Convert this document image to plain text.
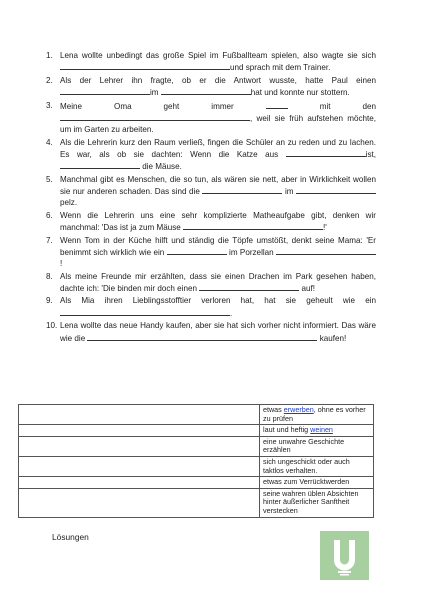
1. Lena wollte unbedingt das große Spiel im Fußballteam spielen, also wagte sie sich und sprach mit dem Trainer.
2. Als der Lehrer ihn fragte, ob er die Antwort wusste, hatte Paul einen im	hat und konnte nur stottern.
3. Meine Oma geht immer	mit den , weil sie früh aufstehen möchte, um im Garten zu arbeiten.
4. Als die Lehrerin kurz den Raum verließ, fingen die Schüler an zu reden und zu lachen. Es war, als ob sie dachten: Wenn die Katze aus	ist,  die Mäuse.
5. Manchmal gibt es Menschen, die so tun, als wären sie nett, aber in Wirklichkeit wollen sie nur anderen schaden. Das sind die	im pelz.
6. Wenn die Lehrerin uns eine sehr komplizierte Matheaufgabe gibt, denken wir manchmal: 'Das ist ja zum Mäuse	!'
7. Wenn Tom in der Küche hilft und ständig die Töpfe umstößt, denkt seine Mama: 'Er benimmt sich wirklich wie ein	im Porzellan !
8. Als meine Freunde mir erzählten, dass sie einen Drachen im Park gesehen haben, dachte ich: 'Die binden mir doch einen	auf!
9. Als Mia ihren Lieblingsstofftier verloren hat, hat sie geheult wie ein .
10. Lena wollte das neue Handy kaufen, aber sie hat sich vorher nicht informiert. Das wäre wie die	kaufen!
	etwas erwerben, ohne es vorher zu prüfen
	laut und heftig weinen
	eine unwahre Geschichte erzählen
	sich ungeschickt oder auch taktlos verhalten.
	etwas zum Verrücktwerden
	seine wahren üblen Absichten hinter äußerlicher Sanftheit verstecken
Lösungen
